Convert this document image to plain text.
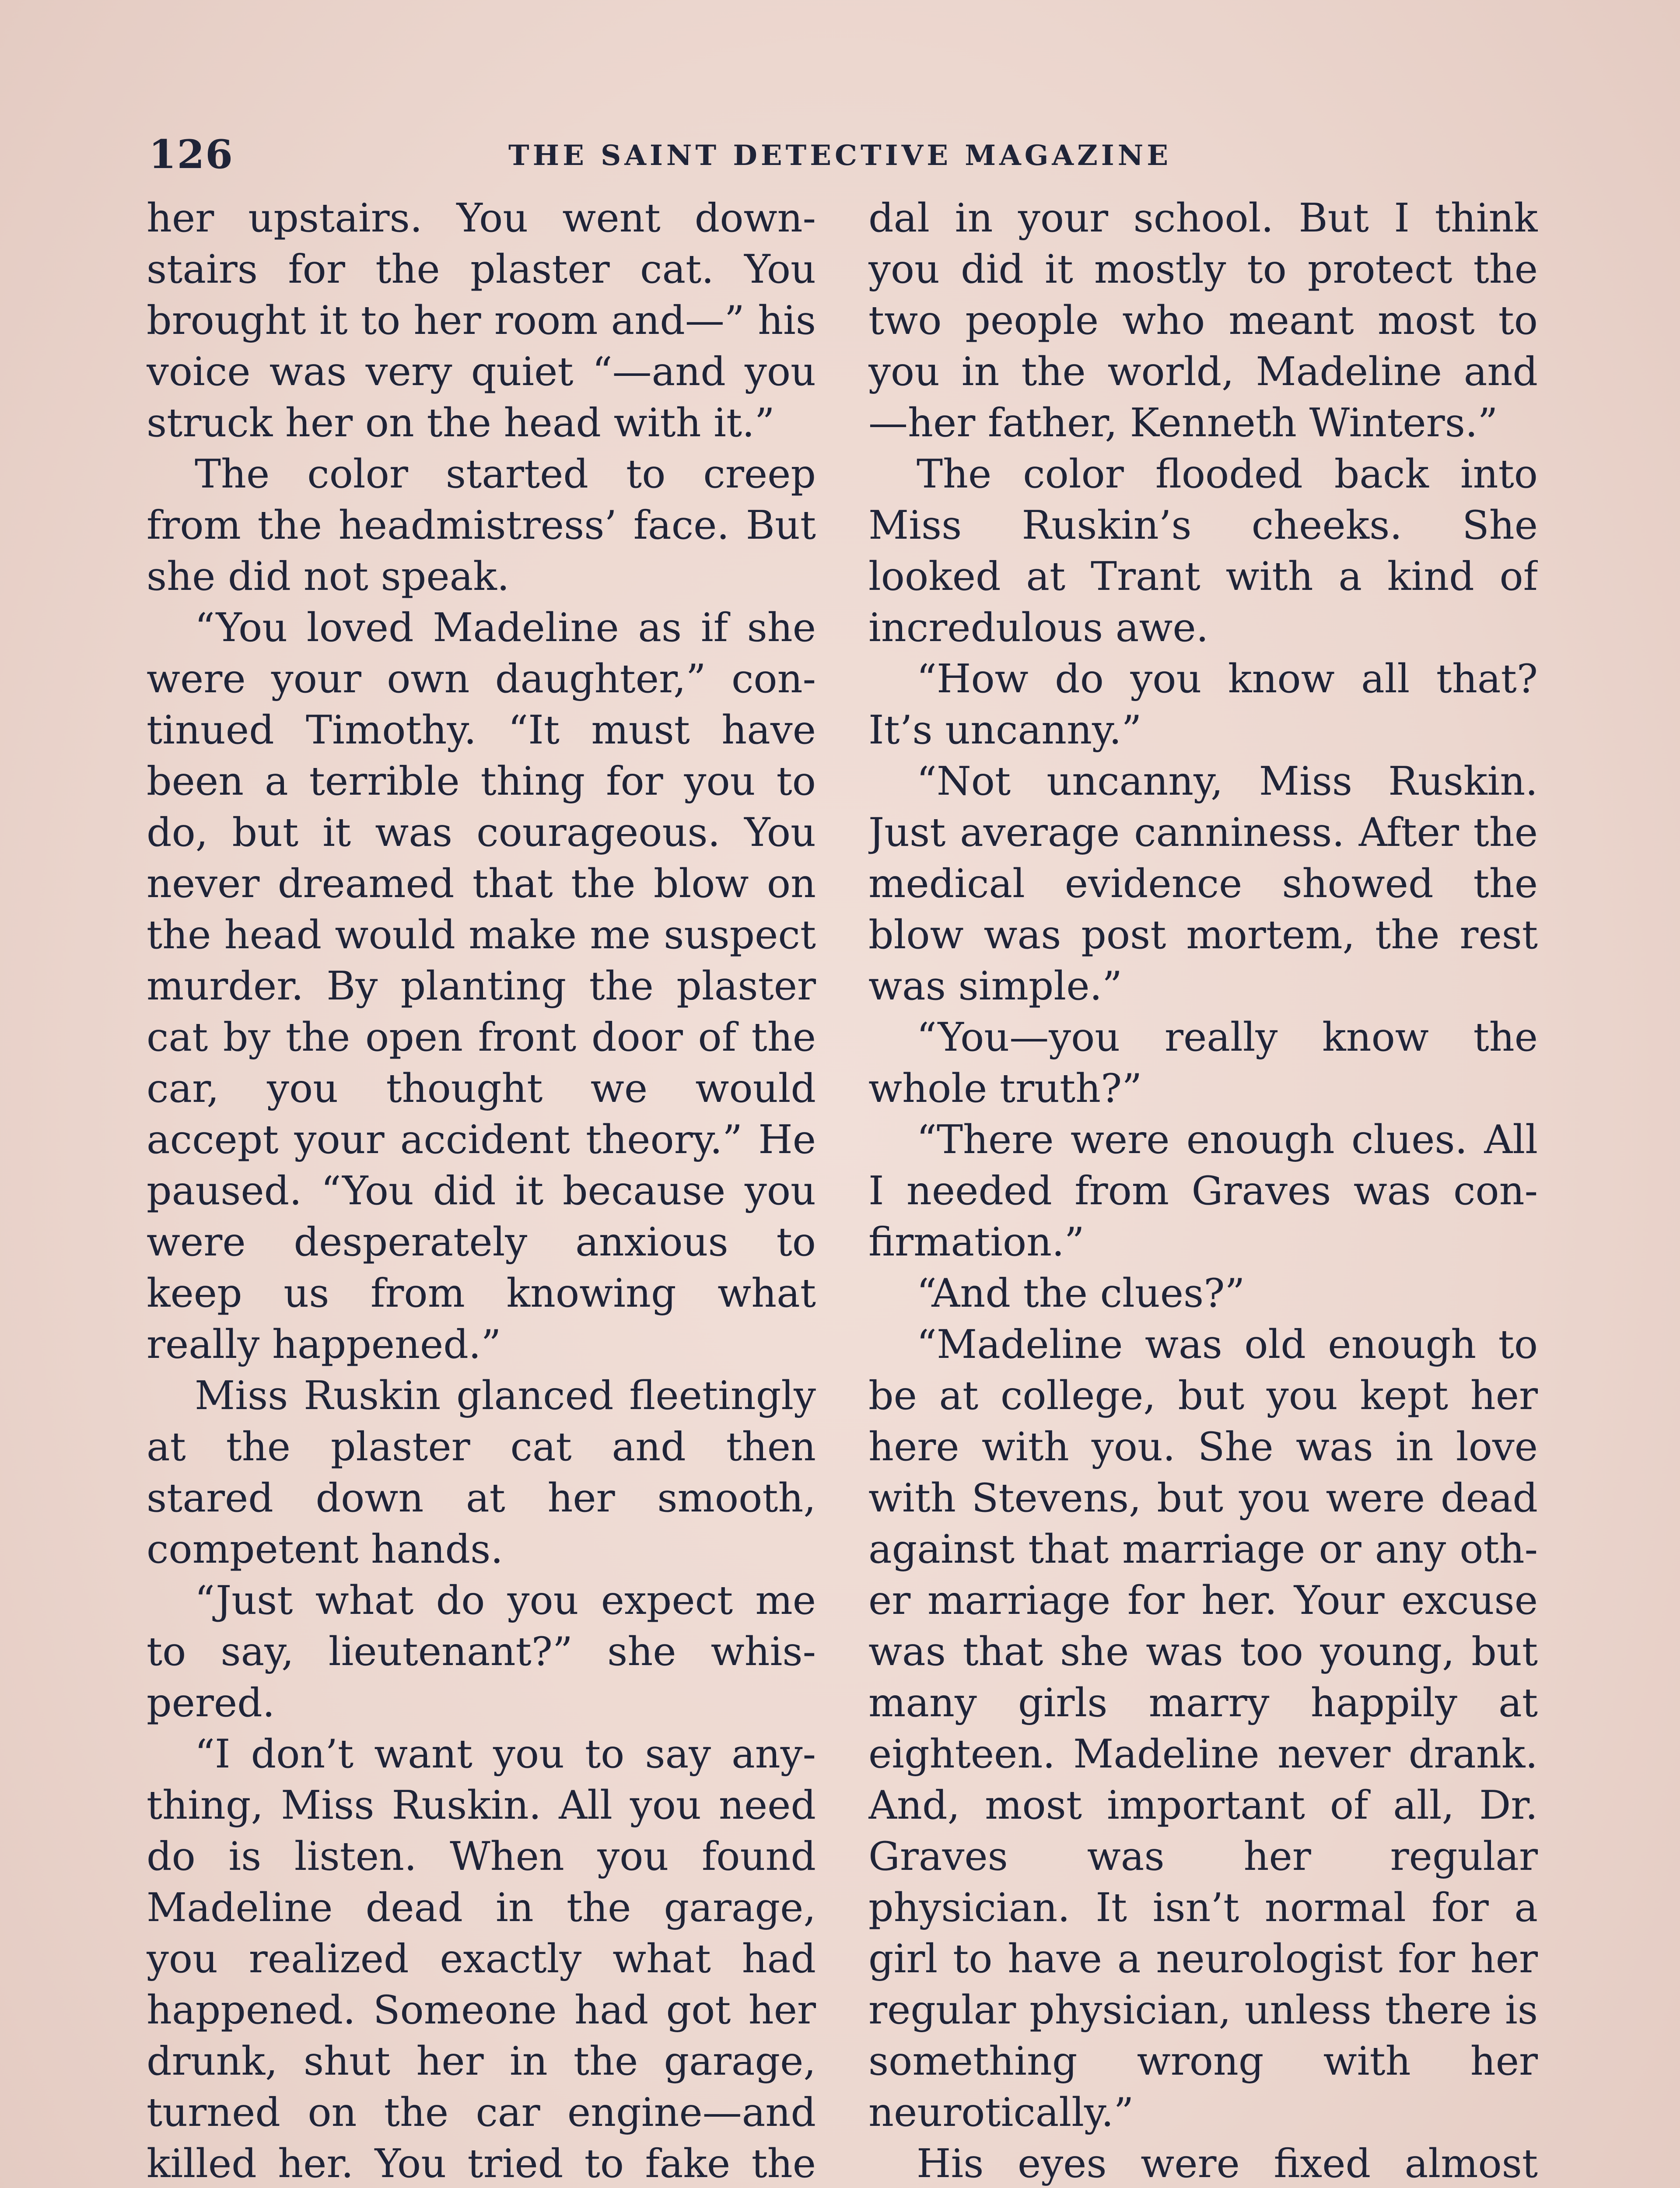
126	THE SAINT DETECTIVE MAGAZINE

her upstairs. You went downstairs for the plaster cat. You brought it to her room and—” his voice was very quiet “—and you struck her on the head with it.”

The color started to creep from the headmistress’ face. But she did not speak.

“You loved Madeline as if she were your own daughter,” continued Timothy. “It must have been a terrible thing for you to do, but it was courageous. You never dreamed that the blow on the head would make me suspect murder. By planting the plaster cat by the open front door of the car, you thought we would accept your accident theory.” He paused. “You did it because you were desperately anxious to keep us from knowing what really happened.”

Miss Ruskin glanced fleetingly at the plaster cat and then stared down at her smooth, competent hands.

“Just what do you expect me to say, lieutenant?” she whispered.

“I don’t want you to say anything, Miss Ruskin. All you need do is listen. When you found Madeline dead in the garage, you realized exactly what had happened. Someone had got her drunk, shut her in the garage, turned on the car engine—and killed her. You tried to fake the

dal in your school. But I think you did it mostly to protect the two people who meant most to you in the world, Madeline and —her father, Kenneth Winters.”

The color flooded back into Miss Ruskin’s cheeks. She looked at Trant with a kind of incredulous awe.

“How do you know all that? It’s uncanny.”

“Not uncanny, Miss Ruskin. Just average canniness. After the medical evidence showed the blow was post mortem, the rest was simple.”

“You—you really know the whole truth?”

“There were enough clues. All I needed from Graves was confirmation.”

“And the clues?”

“Madeline was old enough to be at college, but you kept her here with you. She was in love with Stevens, but you were dead against that marriage or any other marriage for her. Your excuse was that she was too young, but many girls marry happily at eighteen. Madeline never drank. And, most important of all, Dr. Graves was her regular physician. It isn’t normal for a girl to have a neurologist for her regular physician, unless there is something wrong with her neurotically.”

His eyes were fixed almost
